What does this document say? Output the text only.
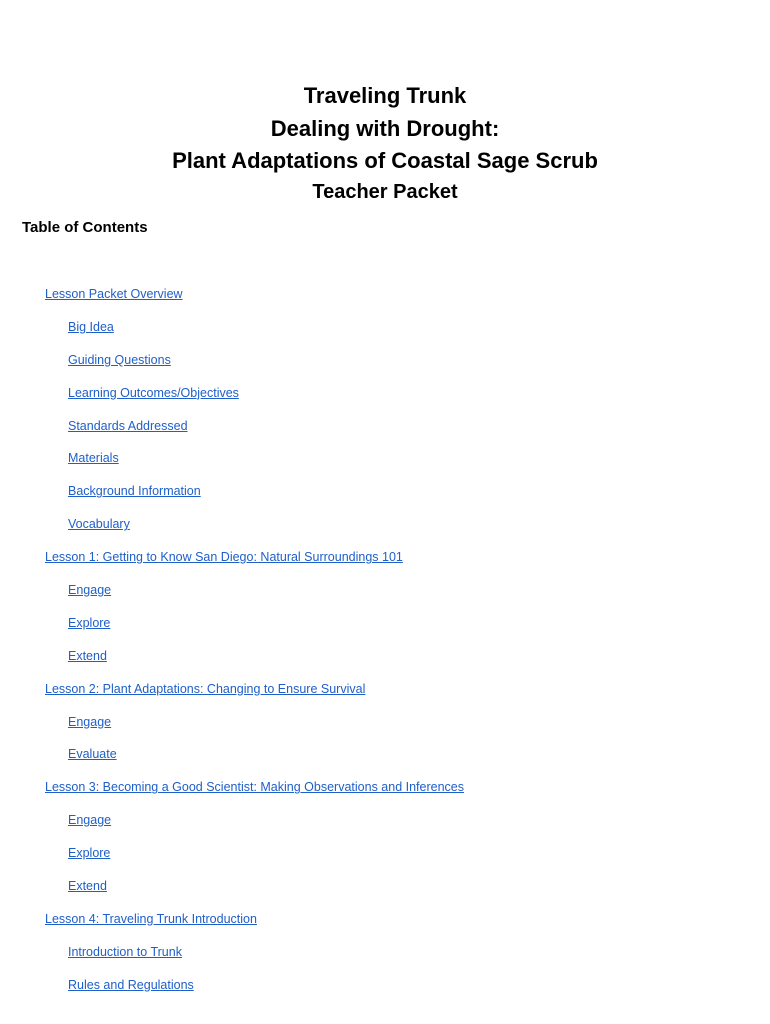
Traveling Trunk

Dealing with Drought:

Plant Adaptations of Coastal Sage Scrub

Teacher Packet

Table of Contents

Lesson Packet Overview
Big Idea
Guiding Questions
Learning Outcomes/Objectives
Standards Addressed
Materials
Background Information
Vocabulary
Lesson 1: Getting to Know San Diego: Natural Surroundings 101
Engage
Explore
Extend
Lesson 2: Plant Adaptations: Changing to Ensure Survival
Engage
Evaluate
Lesson 3: Becoming a Good Scientist: Making Observations and Inferences
Engage
Explore
Extend
Lesson 4: Traveling Trunk Introduction
Introduction to Trunk
Rules and Regulations
